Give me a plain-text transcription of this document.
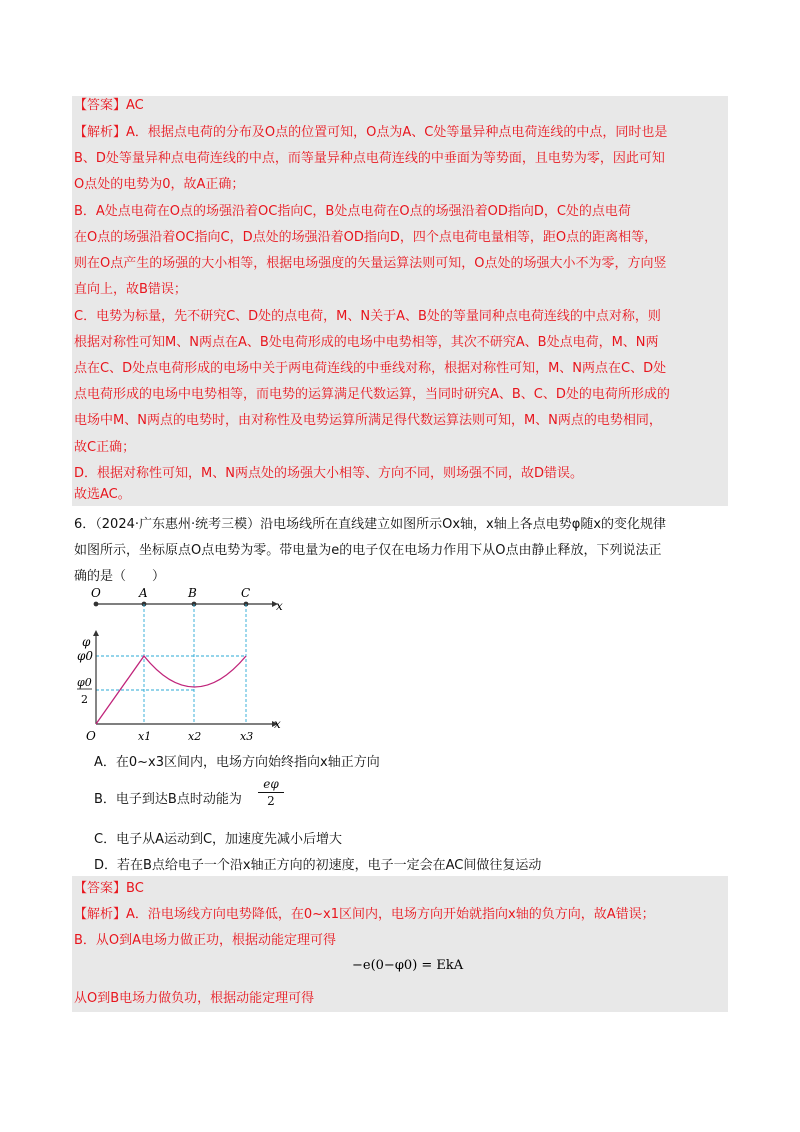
【答案】AC
【解析】A．根据点电荷的分布及O点的位置可知，O点为A、C处等量异种点电荷连线的中点，同时也是
B、D处等量异种点电荷连线的中点，而等量异种点电荷连线的中垂面为等势面，且电势为零，因此可知
O点处的电势为0，故A正确；
B．A处点电荷在O点的场强沿着OC指向C，B处点电荷在O点的场强沿着OD指向D，C处的点电荷
在O点的场强沿着OC指向C，D点处的场强沿着OD指向D，四个点电荷电量相等，距O点的距离相等，
则在O点产生的场强的大小相等，根据电场强度的矢量运算法则可知，O点处的场强大小不为零，方向竖
直向上，故B错误；
C．电势为标量，先不研究C、D处的点电荷，M、N关于A、B处的等量同种点电荷连线的中点对称，则
根据对称性可知M、N两点在A、B处电荷形成的电场中电势相等，其次不研究A、B处点电荷，M、N两
点在C、D处点电荷形成的电场中关于两电荷连线的中垂线对称，根据对称性可知，M、N两点在C、D处
点电荷形成的电场中电势相等，而电势的运算满足代数运算，当同时研究A、B、C、D处的电荷所形成的
电场中M、N两点的电势时，由对称性及电势运算所满足得代数运算法则可知，M、N两点的电势相同，
故C正确；
D．根据对称性可知，M、N两点处的场强大小相等、方向不同，则场强不同，故D错误。
故选AC。
6．（2024·广东惠州·统考三模）沿电场线所在直线建立如图所示Ox轴，x轴上各点电势φ随x的变化规律
如图所示，坐标原点O点电势为零。带电量为e的电子仅在电场力作用下从O点由静止释放，下列说法正
确的是（　　）
O	A	B	C
x
φ
φ0
φ0
2
O	x1	x2	x3
x
A．在0~x3区间内，电场方向始终指向x轴正方向
B．电子到达B点时动能为 $\frac{e\varphi}{2}$
C．电子从A运动到C，加速度先减小后增大
D．若在B点给电子一个沿x轴正方向的初速度，电子一定会在AC间做往复运动
【答案】BC
【解析】A．沿电场线方向电势降低，在0~x1区间内，电场方向开始就指向x轴的负方向，故A错误；
B．从O到A电场力做正功，根据动能定理可得
−e(0−φ0) = EkA
从O到B电场力做负功，根据动能定理可得
